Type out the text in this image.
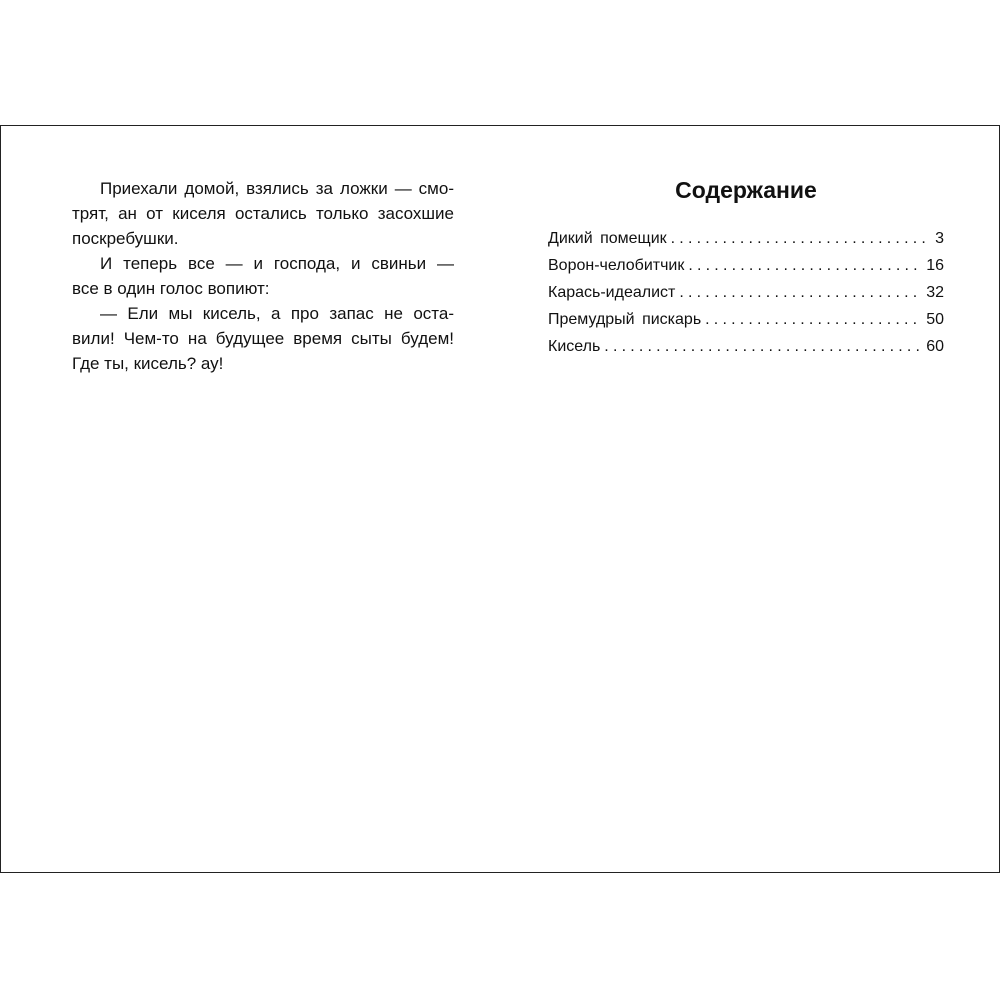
Приехали домой, взялись за ложки — смо-
трят, ан от киселя остались только засохшие
поскребушки.

И теперь все — и господа, и свиньи —
все в один голос вопиют:

— Ели мы кисель, а про запас не оста-
вили! Чем-то на будущее время сыты будем!
Где ты, кисель? ау!

Содержание
Дикий помещик .....	3
Ворон-челобитчик .....	16
Карась-идеалист .....	32
Премудрый пискарь .....	50
Кисель .....	60
